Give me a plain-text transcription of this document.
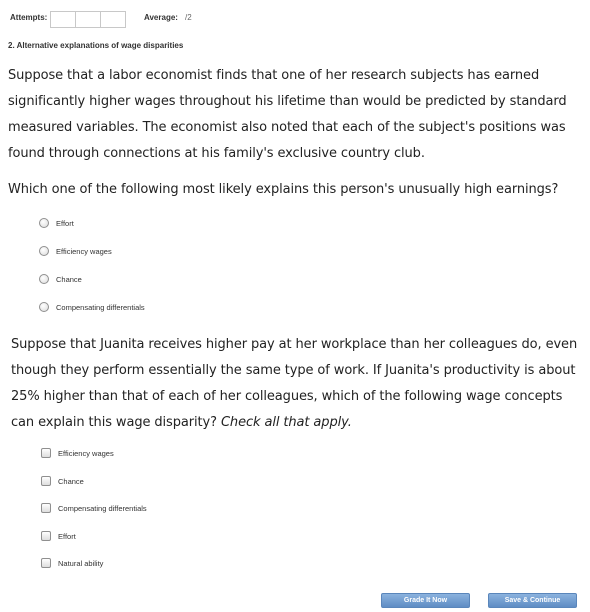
Attempts:	Average: /2
2. Alternative explanations of wage disparities
Suppose that a labor economist finds that one of her research subjects has earned significantly higher wages throughout his lifetime than would be predicted by standard measured variables. The economist also noted that each of the subject's positions was found through connections at his family's exclusive country club.
Which one of the following most likely explains this person's unusually high earnings?
Effort
Efficiency wages
Chance
Compensating differentials
Suppose that Juanita receives higher pay at her workplace than her colleagues do, even though they perform essentially the same type of work. If Juanita's productivity is about 25% higher than that of each of her colleagues, which of the following wage concepts can explain this wage disparity? Check all that apply.
Efficiency wages
Chance
Compensating differentials
Effort
Natural ability
Grade It Now	Save & Continue
